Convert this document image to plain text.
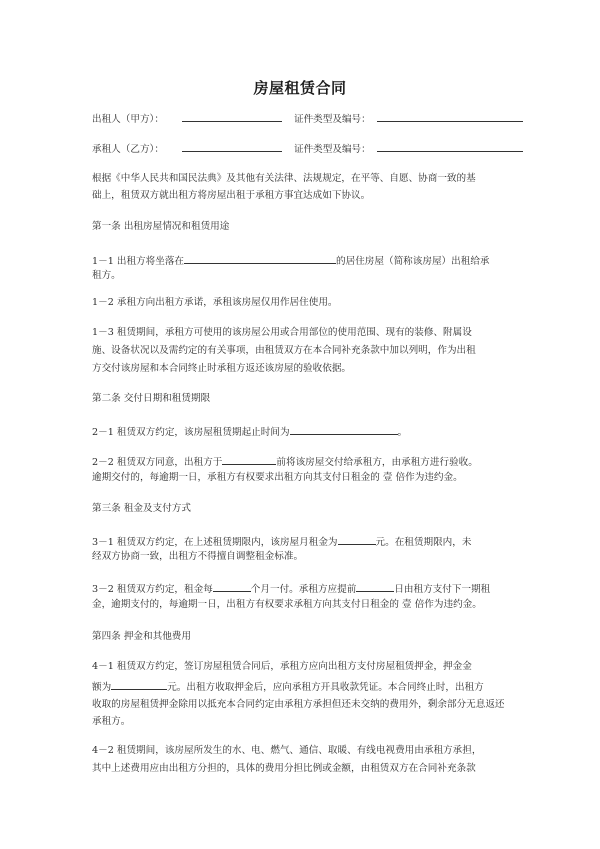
房屋租赁合同
出租人（甲方）：	证件类型及编号：
承租人（乙方）：	证件类型及编号：
根据《中华人民共和国民法典》及其他有关法律、法规规定，在平等、自愿、协商一致的基
础上，租赁双方就出租方将房屋出租于承租方事宜达成如下协议。
第一条 出租房屋情况和租赁用途
1－1 出租方将坐落在	的居住房屋（简称该房屋）出租给承
租方。
1－2 承租方向出租方承诺，承租该房屋仅用作居住使用。
1－3 租赁期间，承租方可使用的该房屋公用或合用部位的使用范围、现有的装修、附属设
施、设备状况以及需约定的有关事项，由租赁双方在本合同补充条款中加以列明，作为出租
方交付该房屋和本合同终止时承租方返还该房屋的验收依据。
第二条 交付日期和租赁期限
2－1 租赁双方约定，该房屋租赁期起止时间为	。
2－2 租赁双方同意，出租方于	前将该房屋交付给承租方，由承租方进行验收。
逾期交付的，每逾期一日，承租方有权要求出租方向其支付日租金的 壹 倍作为违约金。
第三条 租金及支付方式
3－1 租赁双方约定，在上述租赁期限内，该房屋月租金为	元。在租赁期限内，未
经双方协商一致，出租方不得擅自调整租金标准。
3－2 租赁双方约定，租金每	个月一付。承租方应提前	日由租方支付下一期租
金，逾期支付的，每逾期一日，出租方有权要求承租方向其支付日租金的 壹 倍作为违约金。
第四条 押金和其他费用
4－1 租赁双方约定，签订房屋租赁合同后，承租方应向出租方支付房屋租赁押金，押金金
额为	元。出租方收取押金后，应向承租方开具收款凭证。本合同终止时，出租方
收取的房屋租赁押金除用以抵充本合同约定由承租方承担但还未交纳的费用外，剩余部分无息返还承租方。
4－2 租赁期间，该房屋所发生的水、电、燃气、通信、取暖、有线电视费用由承租方承担，
其中上述费用应由出租方分担的，具体的费用分担比例或金额，由租赁双方在合同补充条款
